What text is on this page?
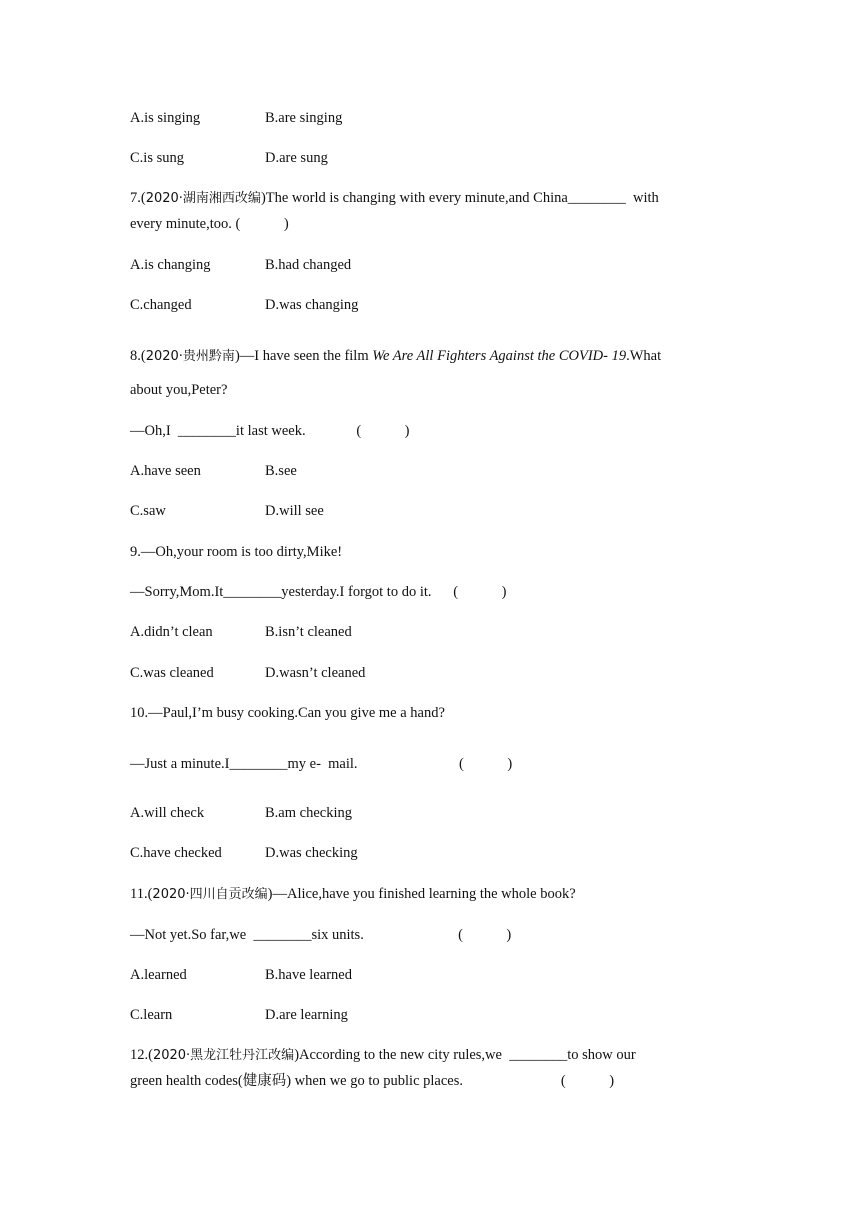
A.is singing	B.are singing
C.is sung	D.are sung
7.(2020·湖南湘西改编)The world is changing with every minute,and China________  with
every minute,too. (            )
A.is changing	B.had changed
C.changed	D.was changing
8.(2020·贵州黔南)—I have seen the film We Are All Fighters Against the COVID‐ 19.What
about you,Peter?
—Oh,I  ________it last week.              (            )
A.have seen	B.see
C.saw	D.will see
9.—Oh,your room is too dirty,Mike!
—Sorry,Mom.It________yesterday.I forgot to do it.      (            )
A.didn’t clean	B.isn’t cleaned
C.was cleaned	D.wasn’t cleaned
10.—Paul,I’m busy cooking.Can you give me a hand?
—Just a minute.I________my e‐  mail.                            (            )
A.will check	B.am checking
C.have checked	D.was checking
11.(2020·四川自贡改编)—Alice,have you finished learning the whole book?
—Not yet.So far,we  ________six units.                          (            )
A.learned	B.have learned
C.learn	D.are learning
12.(2020·黑龙江牡丹江改编)According to the new city rules,we  ________to show our
green health codes(健康码) when we go to public places.                           (            )
